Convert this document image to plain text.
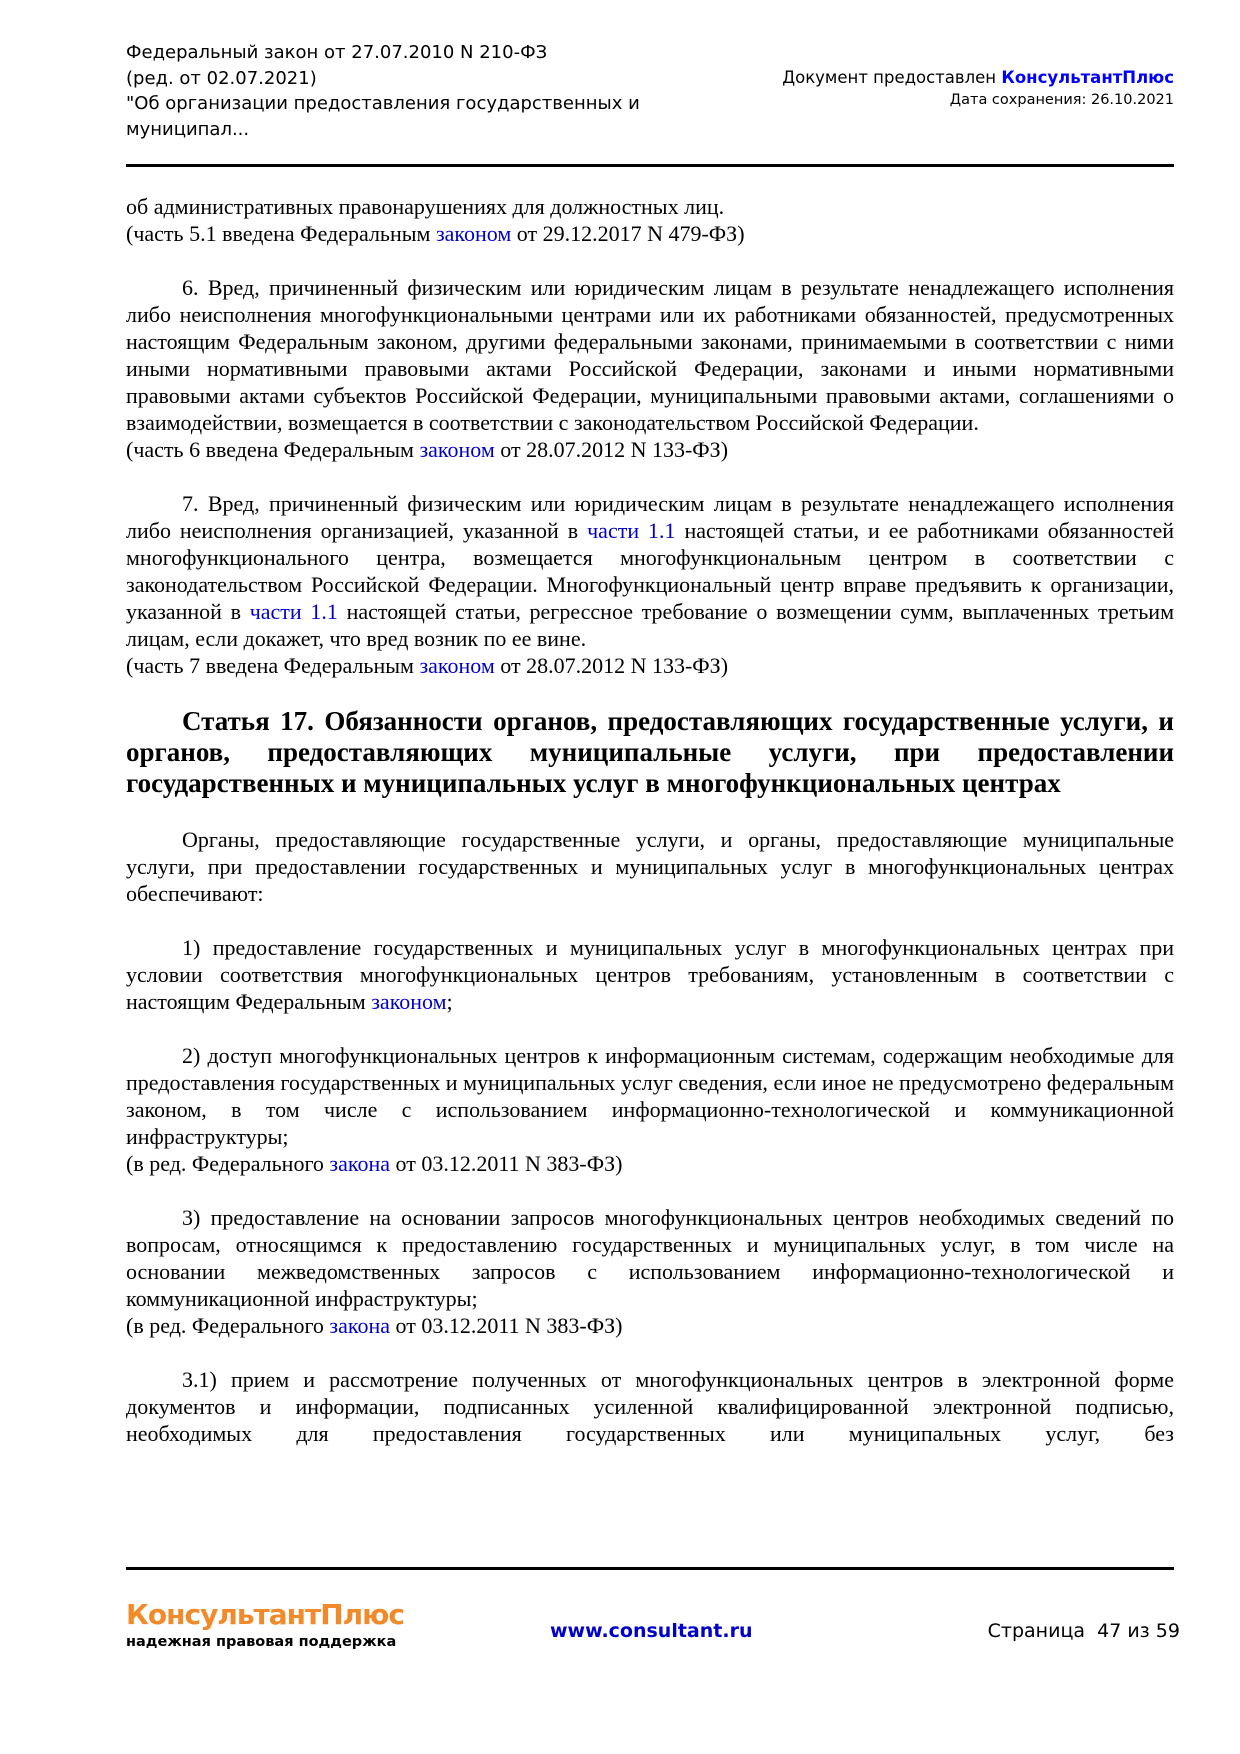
Федеральный закон от 27.07.2010 N 210-ФЗ
(ред. от 02.07.2021)
"Об организации предоставления государственных и
муниципал...
Документ предоставлен КонсультантПлюс
Дата сохранения: 26.10.2021

об административных правонарушениях для должностных лиц.

(часть 5.1 введена Федеральным законом от 29.12.2017 N 479-ФЗ)

6. Вред, причиненный физическим или юридическим лицам в результате ненадлежащего исполнения либо неисполнения многофункциональными центрами или их работниками обязанностей, предусмотренных настоящим Федеральным законом, другими федеральными законами, принимаемыми в соответствии с ними иными нормативными правовыми актами Российской Федерации, законами и иными нормативными правовыми актами субъектов Российской Федерации, муниципальными правовыми актами, соглашениями о взаимодействии, возмещается в соответствии с законодательством Российской Федерации.

(часть 6 введена Федеральным законом от 28.07.2012 N 133-ФЗ)

7. Вред, причиненный физическим или юридическим лицам в результате ненадлежащего исполнения либо неисполнения организацией, указанной в части 1.1 настоящей статьи, и ее работниками обязанностей многофункционального центра, возмещается многофункциональным центром в соответствии с законодательством Российской Федерации. Многофункциональный центр вправе предъявить к организации, указанной в части 1.1 настоящей статьи, регрессное требование о возмещении сумм, выплаченных третьим лицам, если докажет, что вред возник по ее вине.

(часть 7 введена Федеральным законом от 28.07.2012 N 133-ФЗ)

Статья 17. Обязанности органов, предоставляющих государственные услуги, и органов, предоставляющих муниципальные услуги, при предоставлении государственных и муниципальных услуг в многофункциональных центрах

Органы, предоставляющие государственные услуги, и органы, предоставляющие муниципальные услуги, при предоставлении государственных и муниципальных услуг в многофункциональных центрах обеспечивают:

1) предоставление государственных и муниципальных услуг в многофункциональных центрах при условии соответствия многофункциональных центров требованиям, установленным в соответствии с настоящим Федеральным законом;

2) доступ многофункциональных центров к информационным системам, содержащим необходимые для предоставления государственных и муниципальных услуг сведения, если иное не предусмотрено федеральным законом, в том числе с использованием информационно-технологической и коммуникационной инфраструктуры;

(в ред. Федерального закона от 03.12.2011 N 383-ФЗ)

3) предоставление на основании запросов многофункциональных центров необходимых сведений по вопросам, относящимся к предоставлению государственных и муниципальных услуг, в том числе на основании межведомственных запросов с использованием информационно-технологической и коммуникационной инфраструктуры;

(в ред. Федерального закона от 03.12.2011 N 383-ФЗ)

3.1) прием и рассмотрение полученных от многофункциональных центров в электронной форме документов и информации, подписанных усиленной квалифицированной электронной подписью, необходимых для предоставления государственных или муниципальных услуг, без

КонсультантПлюс
надежная правовая поддержка	www.consultant.ru	Страница  47 из 59
